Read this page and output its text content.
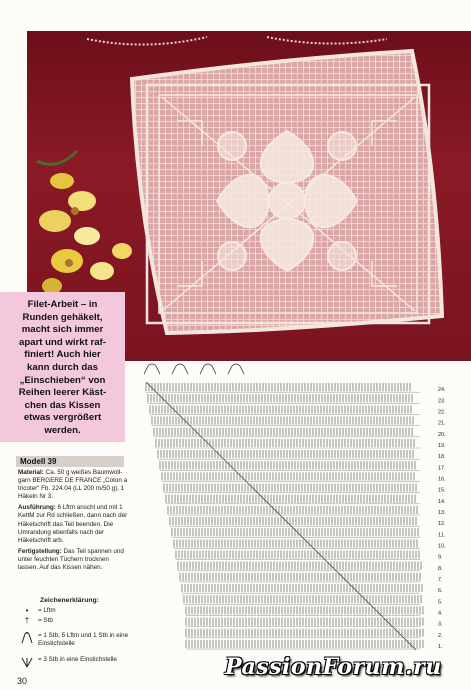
Filet-Arbeit – in
Runden gehäkelt,
macht sich immer
apart und wirkt raf-
finiert! Auch hier
kann durch das
„Einschieben“ von
Reihen leerer Käst-
chen das Kissen
etwas vergrößert
werden.
Modell 39

Material: Ca. 50 g weißes Baumwoll-garn BERGERE DE FRANCE „Coton a tricoter“ Fb. 224.04 (LL 200 m/50 g), 1 Häkeln Nr 3.

Ausführung: 6 Lftm anschl und mit 1 KettM zur Rd schließen, dann nach der Häkelschrift das Teil beenden. Die Umrandung ebenfalls nach der Häkelschrift arb.

Fertigstellung: Das Teil spannen und unter feuchten Tüchern trocknen lassen. Auf das Kissen nähen.

Zeichenerklärung:
•	= Lftm
†	= Stb
= 1 Stb, 5 Lftm und 1 Stb in eine Einstichstelle
= 3 Stb in eine Einstichstelle
30
24.
23.
22.
21.
20.
19.
18.
17.
16.
15.
14.
13.
12.
11.
10.
9.
8.
7.
6.
5.
4.
3.
2.
1.
PassionForum.ru
